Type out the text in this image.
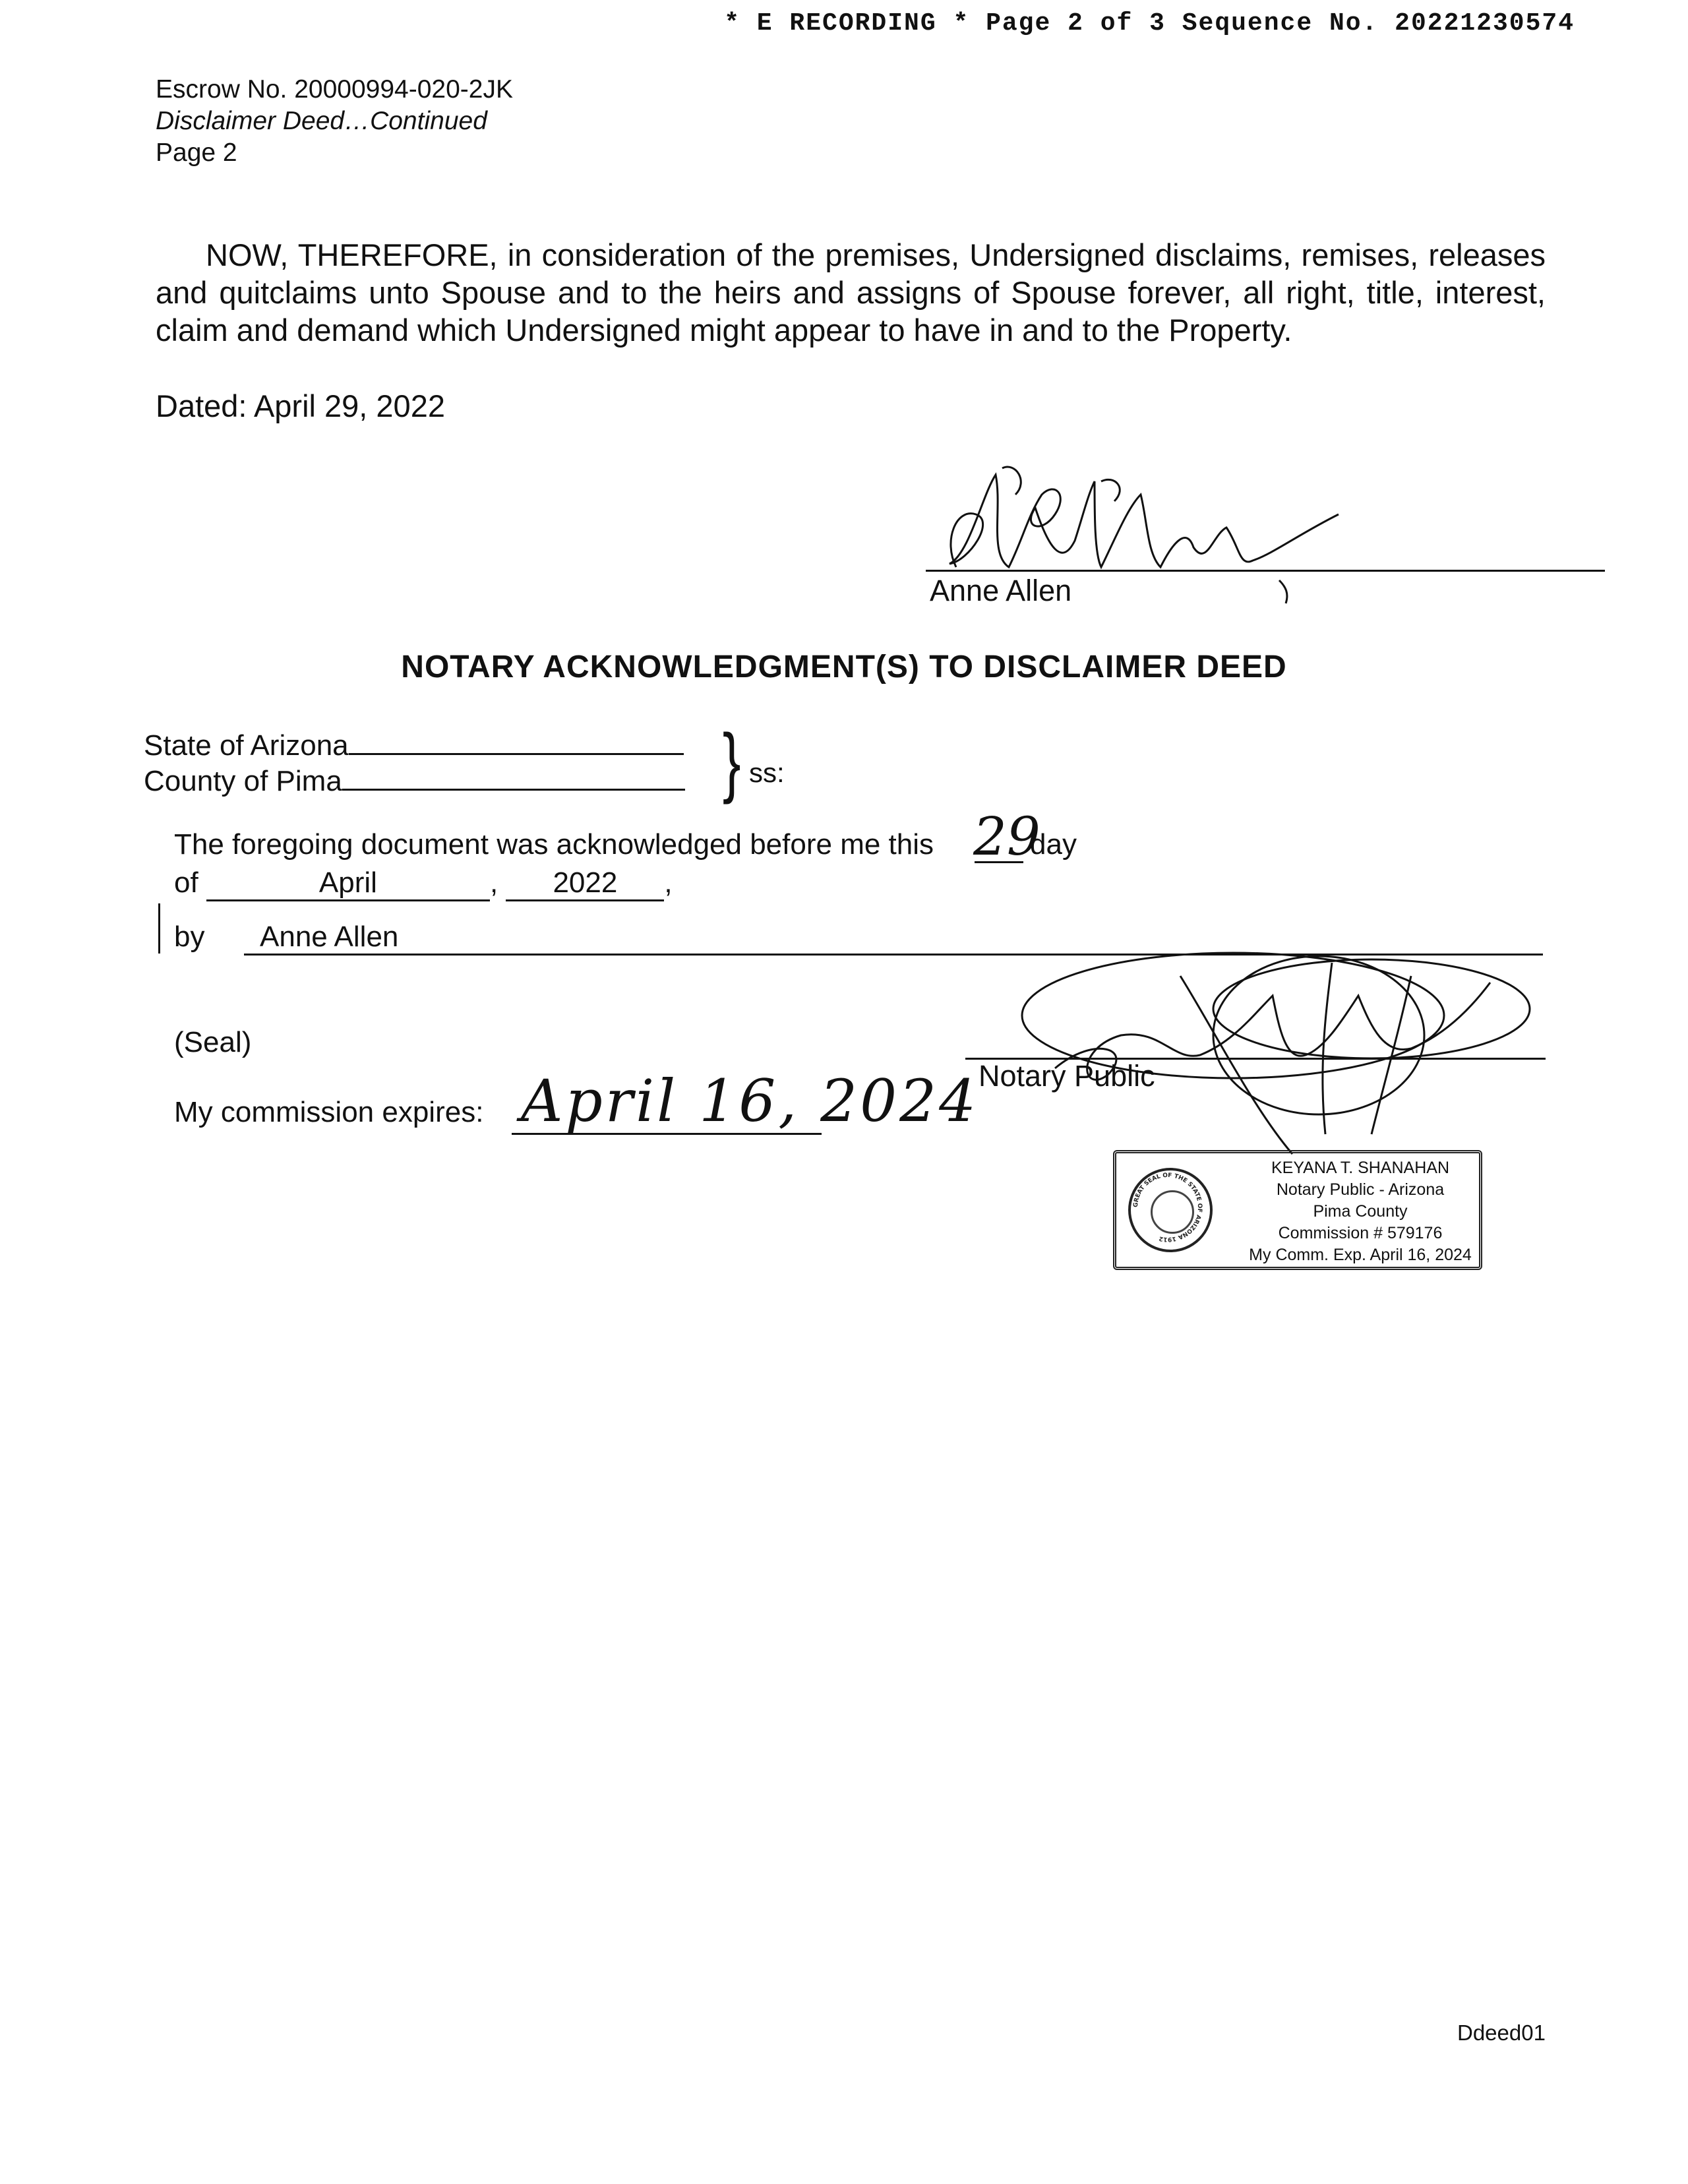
* E RECORDING * Page 2 of 3 Sequence No. 20221230574
Escrow No. 20000994-020-2JK
Disclaimer Deed…Continued
Page 2
NOW, THEREFORE, in consideration of the premises, Undersigned disclaims, remises, releases and quitclaims unto Spouse and to the heirs and assigns of Spouse forever, all right, title, interest, claim and demand which Undersigned might appear to have in and to the Property.
Dated: April 29, 2022
Anne Allen
NOTARY ACKNOWLEDGMENT(S) TO DISCLAIMER DEED
State of Arizona
County of Pima	} ss:
The foregoing document was acknowledged before me this 29
day
of	April	, 2022 ,
by Anne Allen
(Seal)
Notary Public
My commission expires: April 16, 2024
GREAT SEAL OF THE STATE OF ARIZONA 1912
KEYANA T. SHANAHAN
Notary Public - Arizona
Pima County
Commission # 579176
My Comm. Exp. April 16, 2024
Ddeed01
